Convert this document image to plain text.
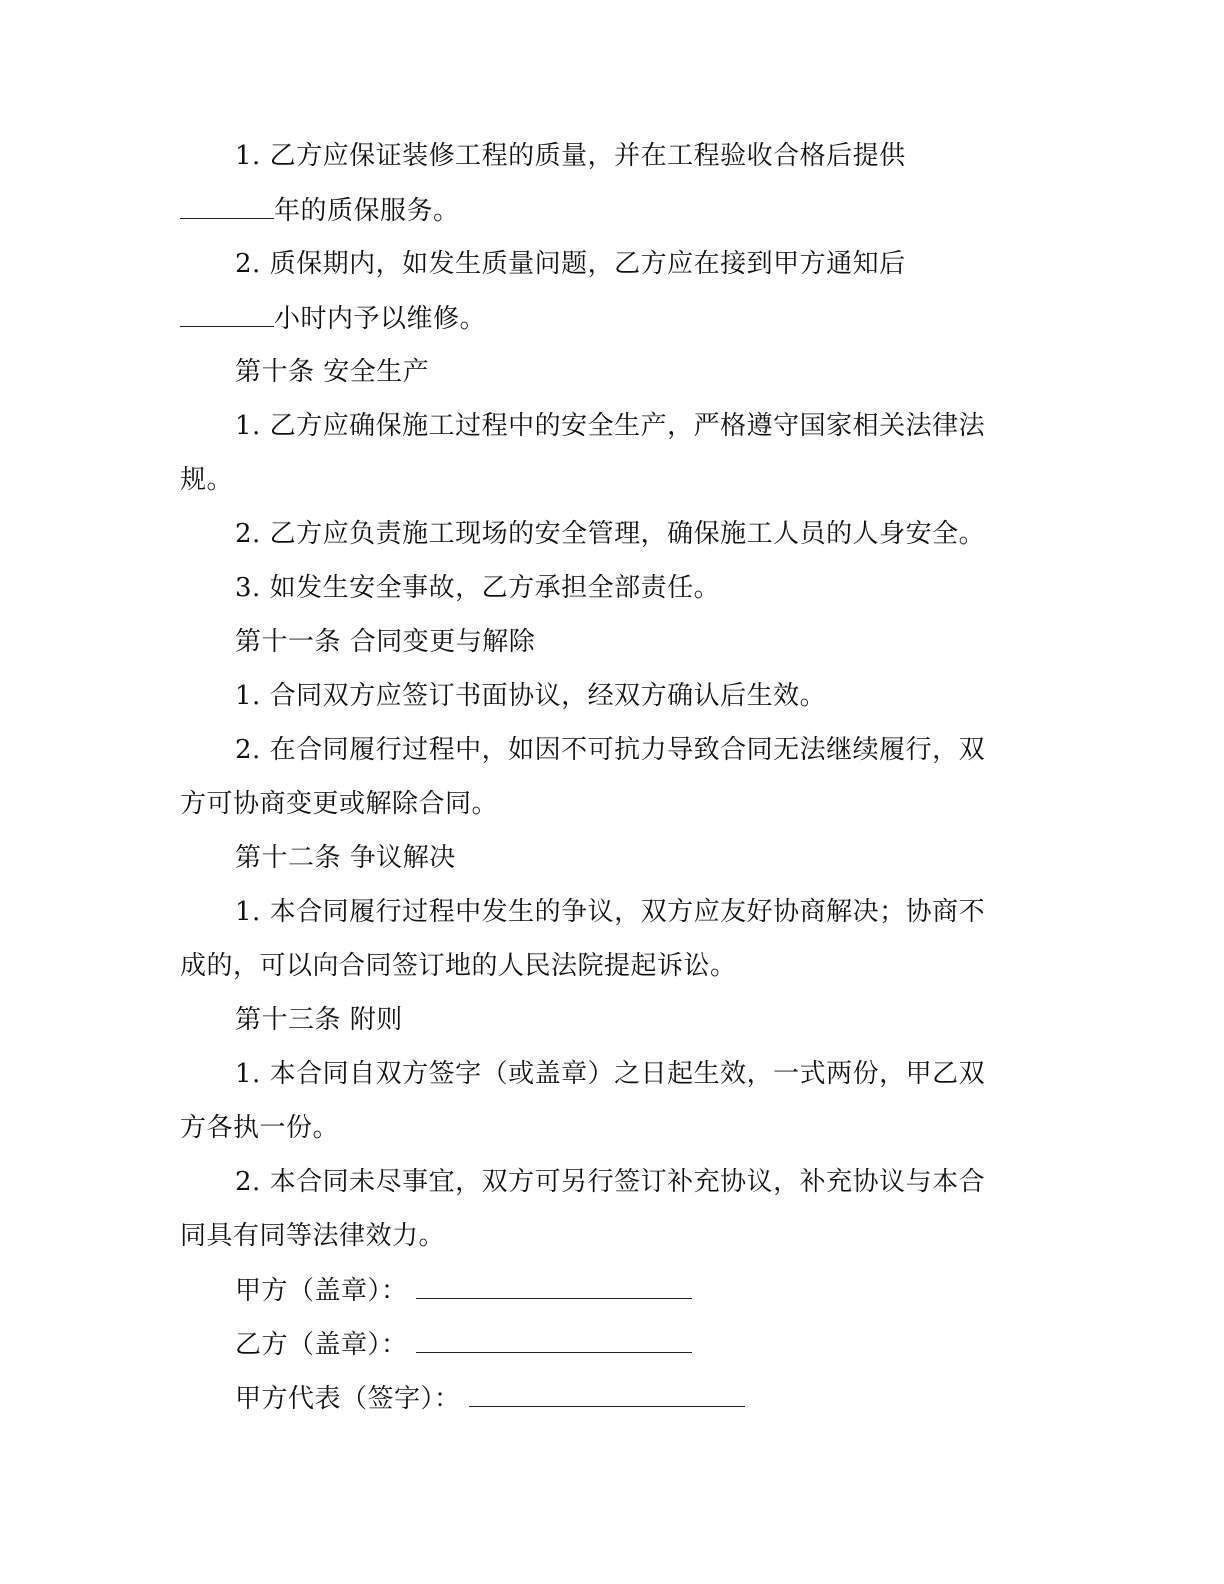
1. 乙方应保证装修工程的质量，并在工程验收合格后提供
年的质保服务。
2. 质保期内，如发生质量问题，乙方应在接到甲方通知后
小时内予以维修。
第十条 安全生产
1. 乙方应确保施工过程中的安全生产，严格遵守国家相关法律法
规。
2. 乙方应负责施工现场的安全管理，确保施工人员的人身安全。
3. 如发生安全事故，乙方承担全部责任。
第十一条 合同变更与解除
1. 合同双方应签订书面协议，经双方确认后生效。
2. 在合同履行过程中，如因不可抗力导致合同无法继续履行，双
方可协商变更或解除合同。
第十二条 争议解决
1. 本合同履行过程中发生的争议，双方应友好协商解决；协商不
成的，可以向合同签订地的人民法院提起诉讼。
第十三条 附则
1. 本合同自双方签字（或盖章）之日起生效，一式两份，甲乙双
方各执一份。
2. 本合同未尽事宜，双方可另行签订补充协议，补充协议与本合
同具有同等法律效力。
甲方（盖章）：
乙方（盖章）：
甲方代表（签字）：
